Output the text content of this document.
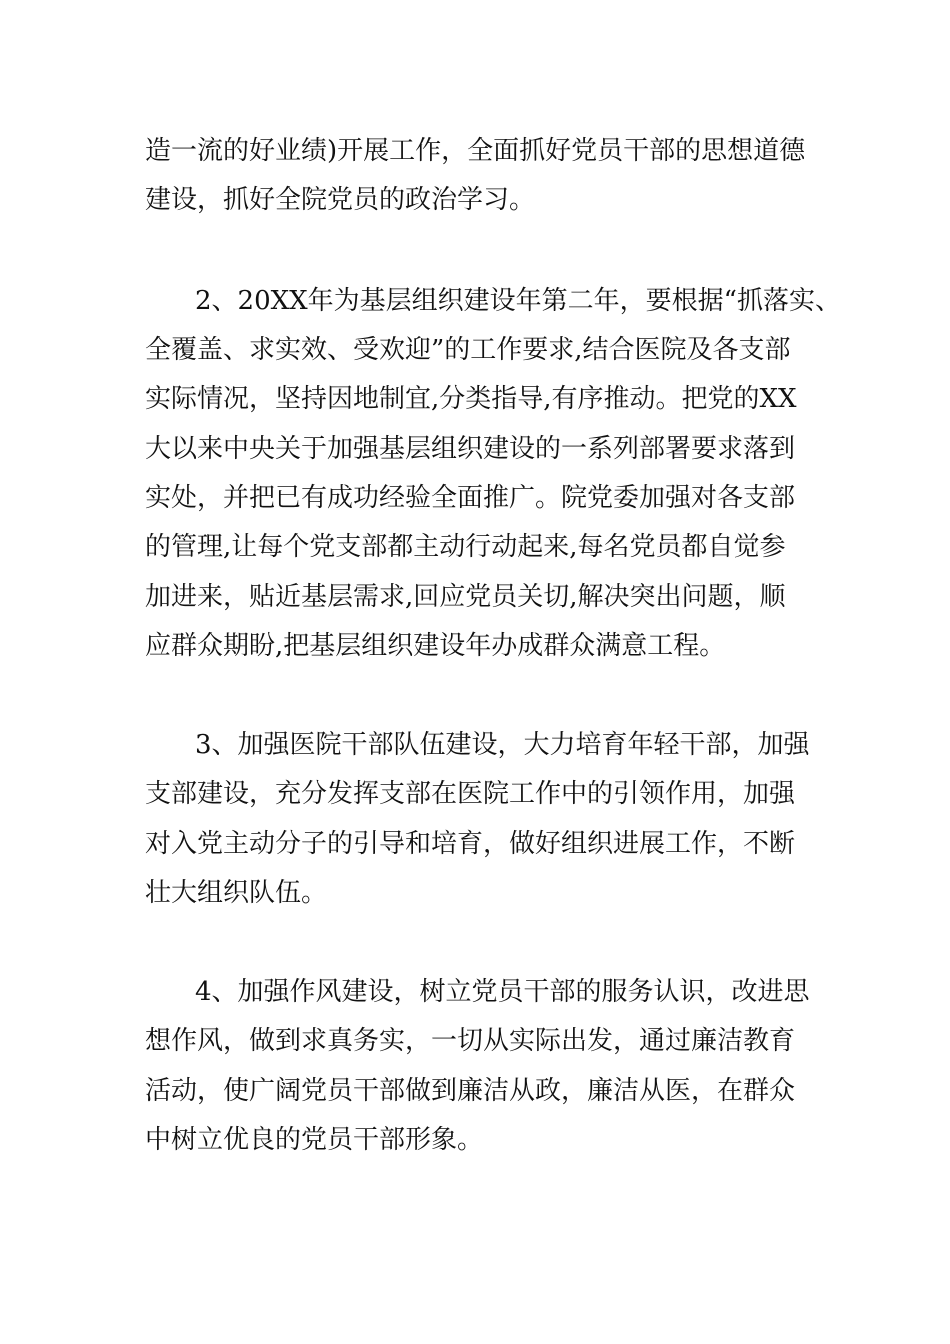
造一流的好业绩)开展工作，全面抓好党员干部的思想道德
建设，抓好全院党员的政治学习。
2、20XX年为基层组织建设年第二年，要根据“抓落实、
全覆盖、求实效、受欢迎”的工作要求,结合医院及各支部
实际情况，坚持因地制宜,分类指导,有序推动。把党的XX
大以来中央关于加强基层组织建设的一系列部署要求落到
实处，并把已有成功经验全面推广。院党委加强对各支部
的管理,让每个党支部都主动行动起来,每名党员都自觉参
加进来，贴近基层需求,回应党员关切,解决突出问题，顺
应群众期盼,把基层组织建设年办成群众满意工程。
3、加强医院干部队伍建设，大力培育年轻干部，加强
支部建设，充分发挥支部在医院工作中的引领作用，加强
对入党主动分子的引导和培育，做好组织进展工作，不断
壮大组织队伍。
4、加强作风建设，树立党员干部的服务认识，改进思
想作风，做到求真务实，一切从实际出发，通过廉洁教育
活动，使广阔党员干部做到廉洁从政，廉洁从医，在群众
中树立优良的党员干部形象。
